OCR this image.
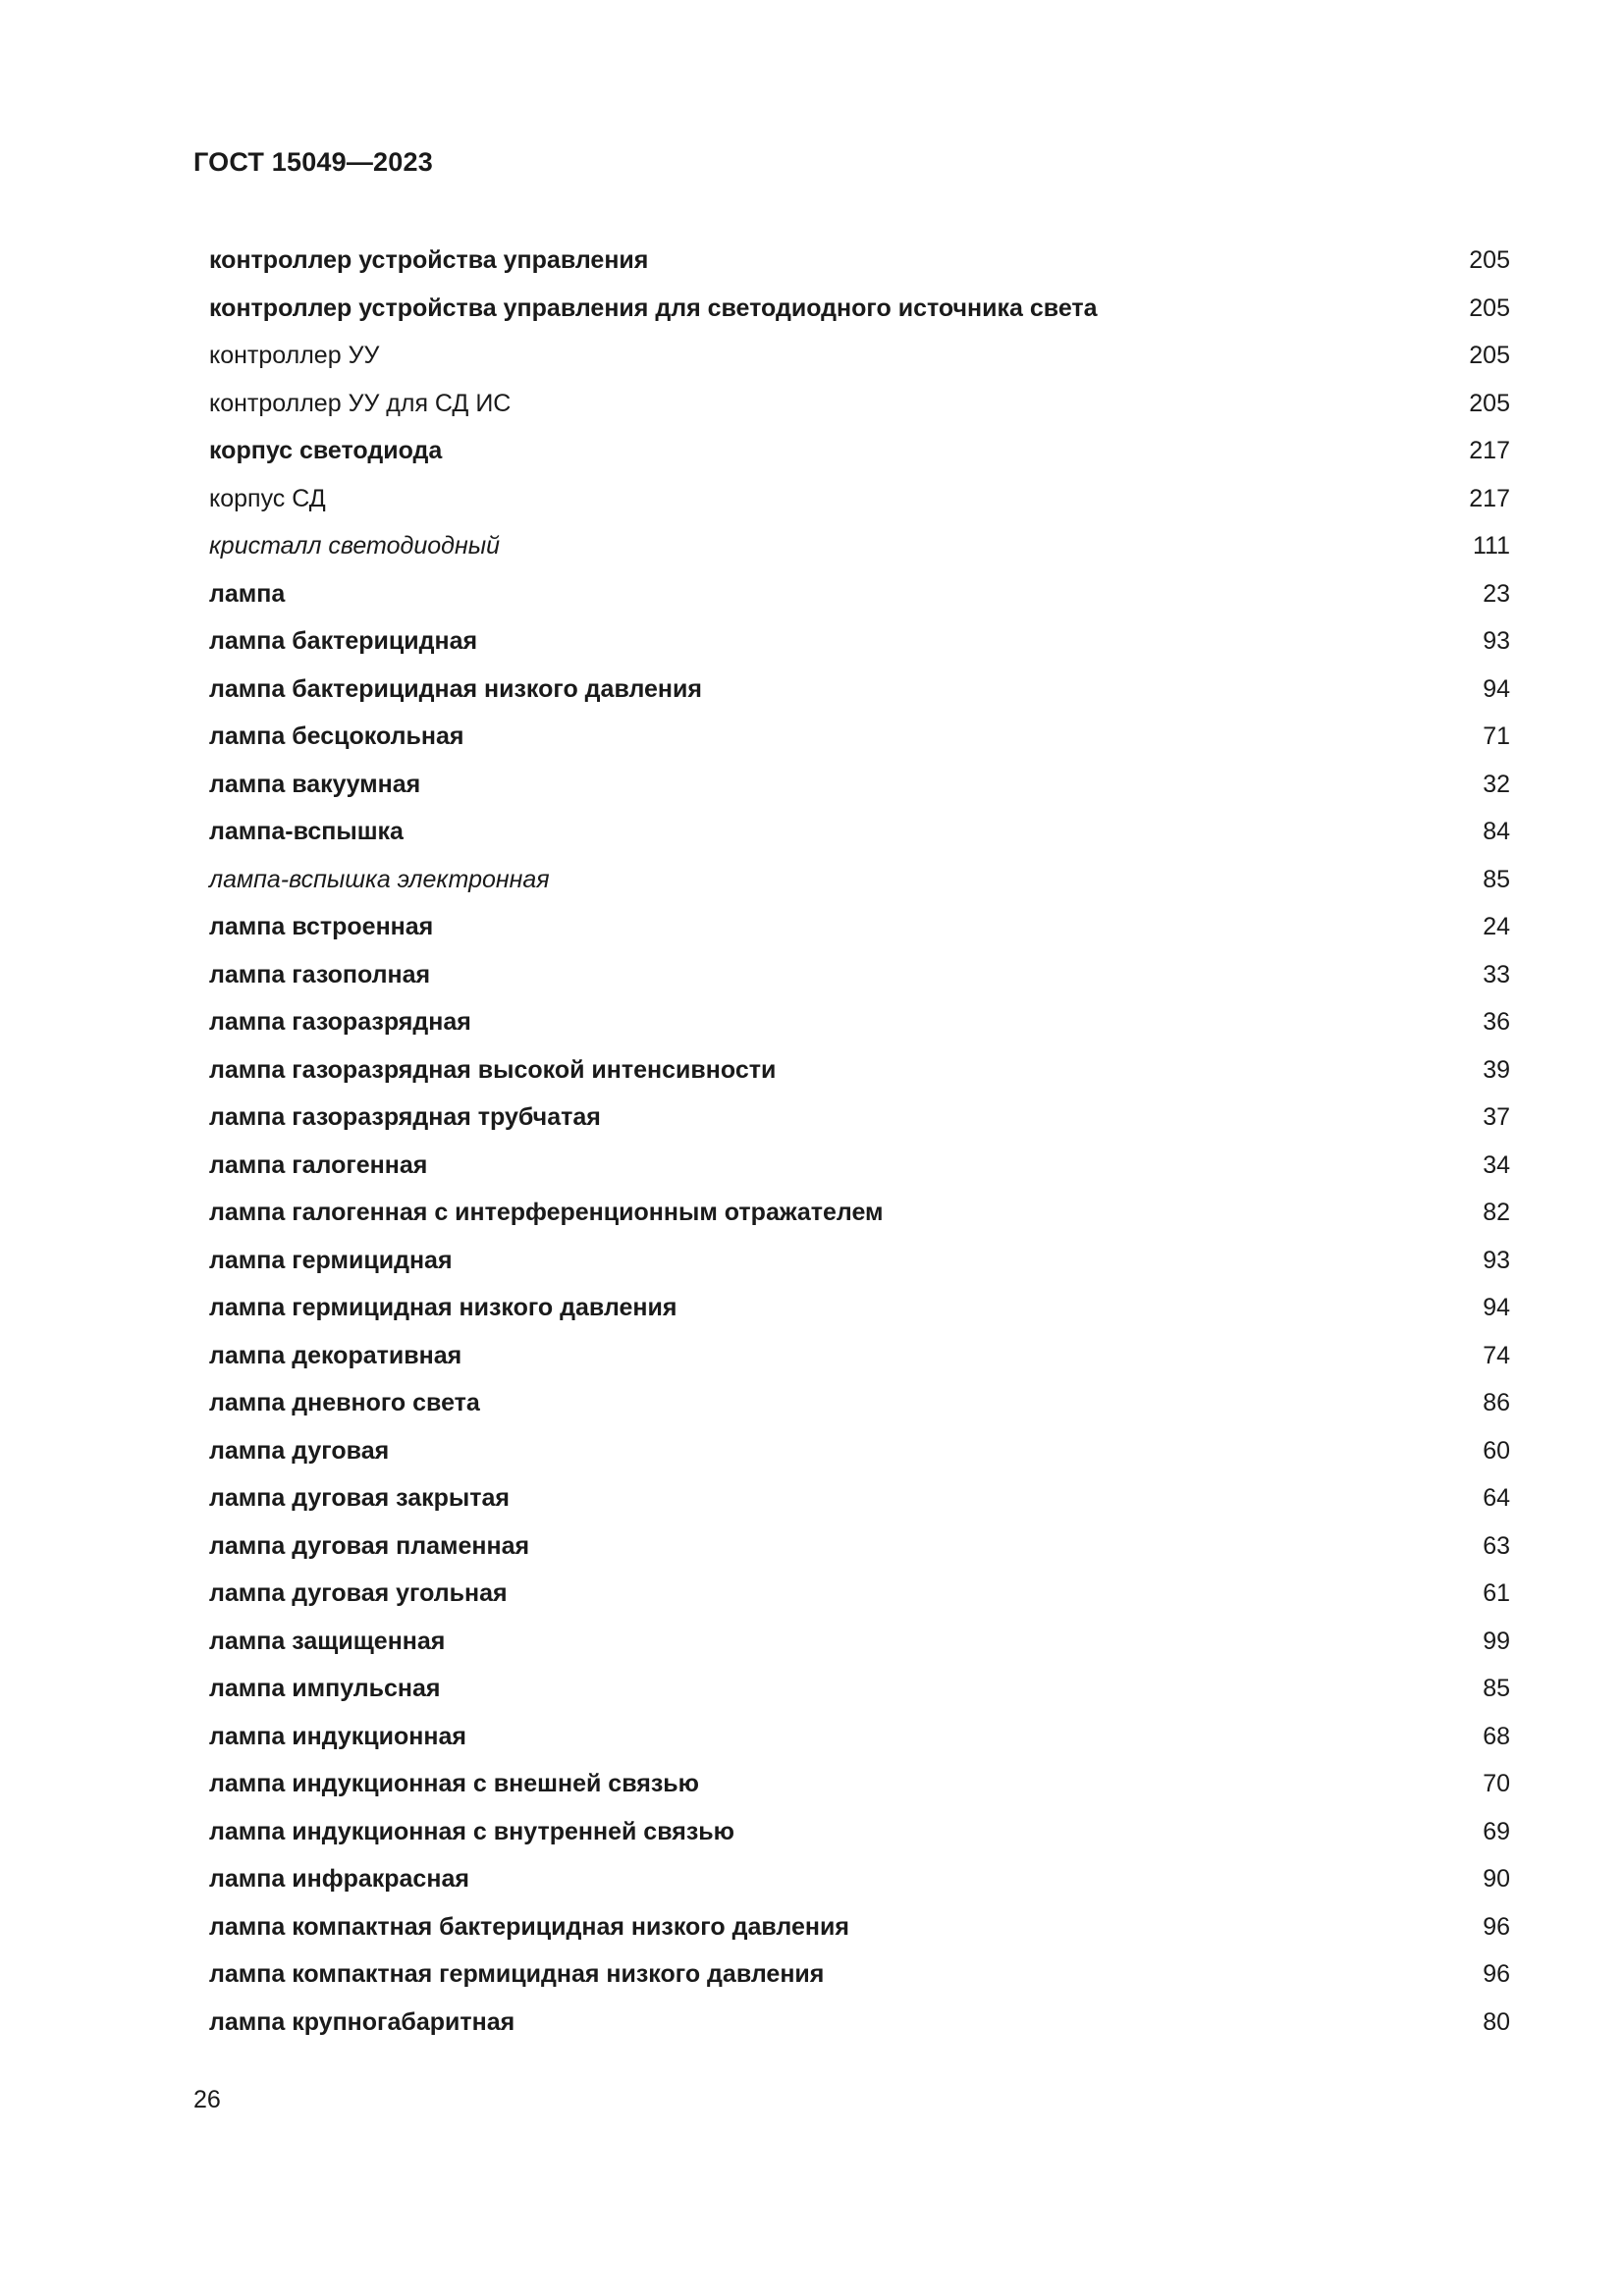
ГОСТ 15049—2023
контроллер устройства управления	205
контроллер устройства управления для светодиодного источника света	205
контроллер УУ	205
контроллер УУ для СД ИС	205
корпус светодиода	217
корпус СД	217
кристалл светодиодный	111
лампа	23
лампа бактерицидная	93
лампа бактерицидная низкого давления	94
лампа бесцокольная	71
лампа вакуумная	32
лампа-вспышка	84
лампа-вспышка электронная	85
лампа встроенная	24
лампа газополная	33
лампа газоразрядная	36
лампа газоразрядная высокой интенсивности	39
лампа газоразрядная трубчатая	37
лампа галогенная	34
лампа галогенная с интерференционным отражателем	82
лампа гермицидная	93
лампа гермицидная низкого давления	94
лампа декоративная	74
лампа дневного света	86
лампа дуговая	60
лампа дуговая закрытая	64
лампа дуговая пламенная	63
лампа дуговая угольная	61
лампа защищенная	99
лампа импульсная	85
лампа индукционная	68
лампа индукционная с внешней связью	70
лампа индукционная с внутренней связью	69
лампа инфракрасная	90
лампа компактная бактерицидная низкого давления	96
лампа компактная гермицидная низкого давления	96
лампа крупногабаритная	80
26
